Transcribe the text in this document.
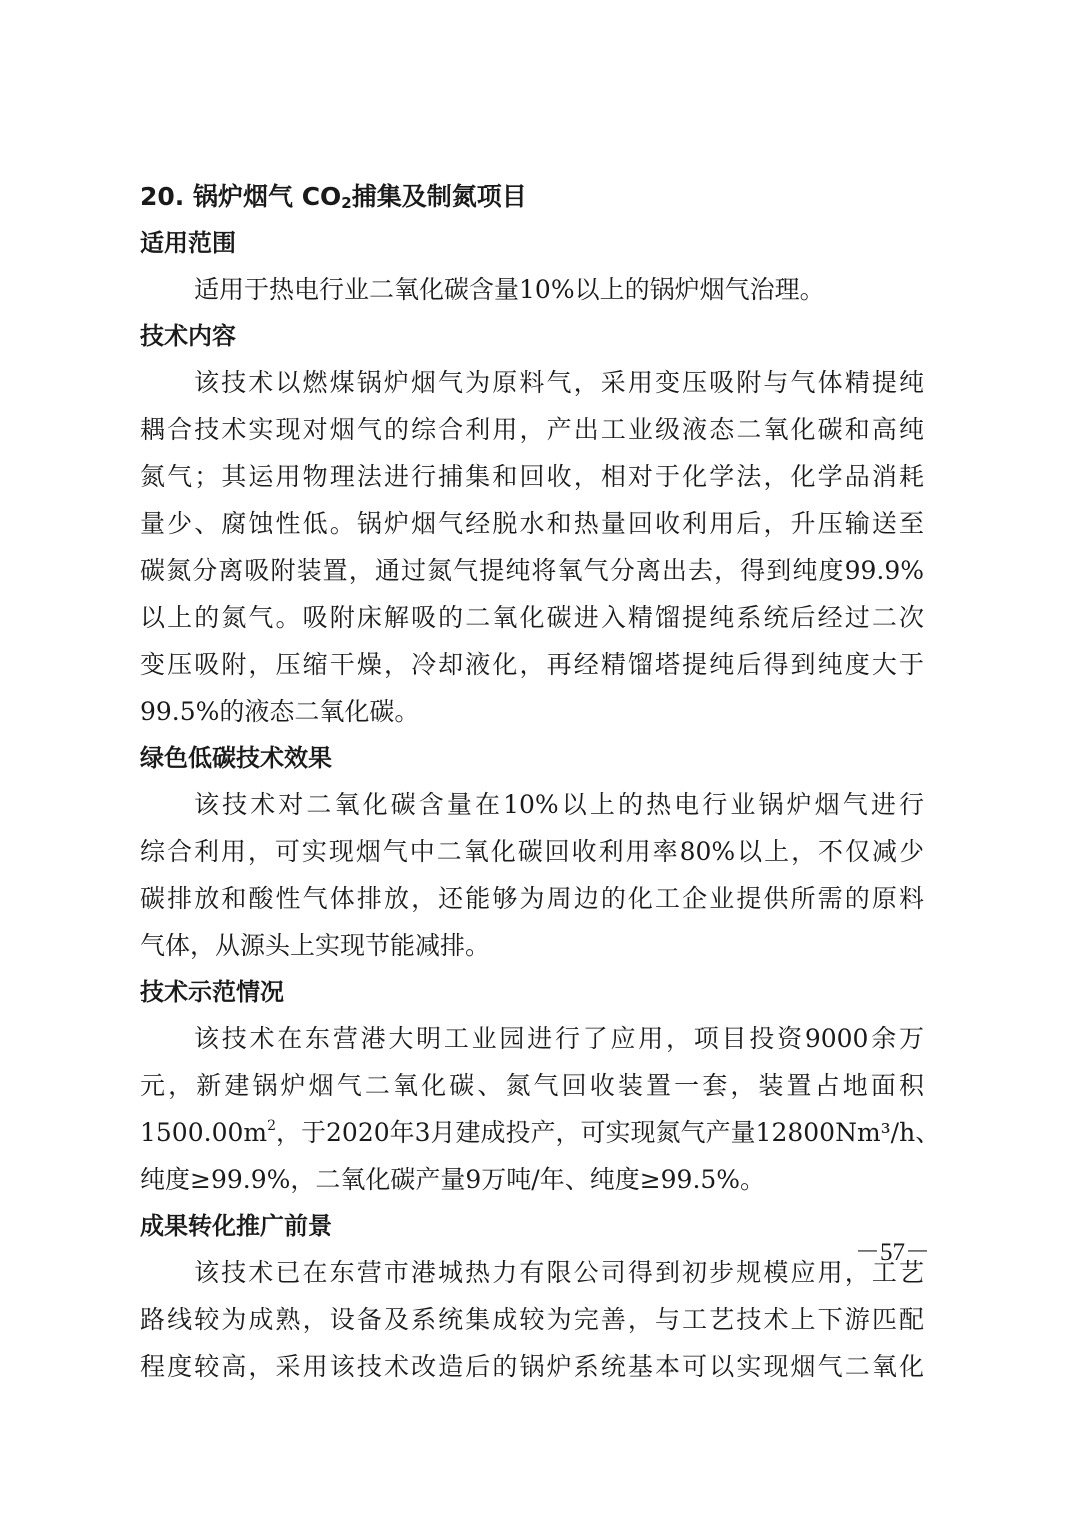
20. 锅炉烟气 $CO_2$捕集及制氮项目
适用范围

适用于热电行业二氧化碳含量10%以上的锅炉烟气治理。

技术内容

该技术以燃煤锅炉烟气为原料气，采用变压吸附与气体精提纯
耦合技术实现对烟气的综合利用，产出工业级液态二氧化碳和高纯
氮气；其运用物理法进行捕集和回收，相对于化学法，化学品消耗
量少、腐蚀性低。锅炉烟气经脱水和热量回收利用后，升压输送至
碳氮分离吸附装置，通过氮气提纯将氧气分离出去，得到纯度99.9%
以上的氮气。吸附床解吸的二氧化碳进入精馏提纯系统后经过二次
变压吸附，压缩干燥，冷却液化，再经精馏塔提纯后得到纯度大于
99.5%的液态二氧化碳。

绿色低碳技术效果

该技术对二氧化碳含量在10%以上的热电行业锅炉烟气进行
综合利用，可实现烟气中二氧化碳回收利用率80%以上，不仅减少
碳排放和酸性气体排放，还能够为周边的化工企业提供所需的原料
气体，从源头上实现节能减排。

技术示范情况

该技术在东营港大明工业园进行了应用，项目投资9000余万
元，新建锅炉烟气二氧化碳、氮气回收装置一套，装置占地面积
$1500.00m^2$，于2020年3月建成投产，可实现氮气产量12800Nm³/h、
纯度≥99.9%，二氧化碳产量9万吨/年、纯度≥99.5%。

成果转化推广前景

该技术已在东营市港城热力有限公司得到初步规模应用，工艺
路线较为成熟，设备及系统集成较为完善，与工艺技术上下游匹配
程度较高，采用该技术改造后的锅炉系统基本可以实现烟气二氧化

－57－
